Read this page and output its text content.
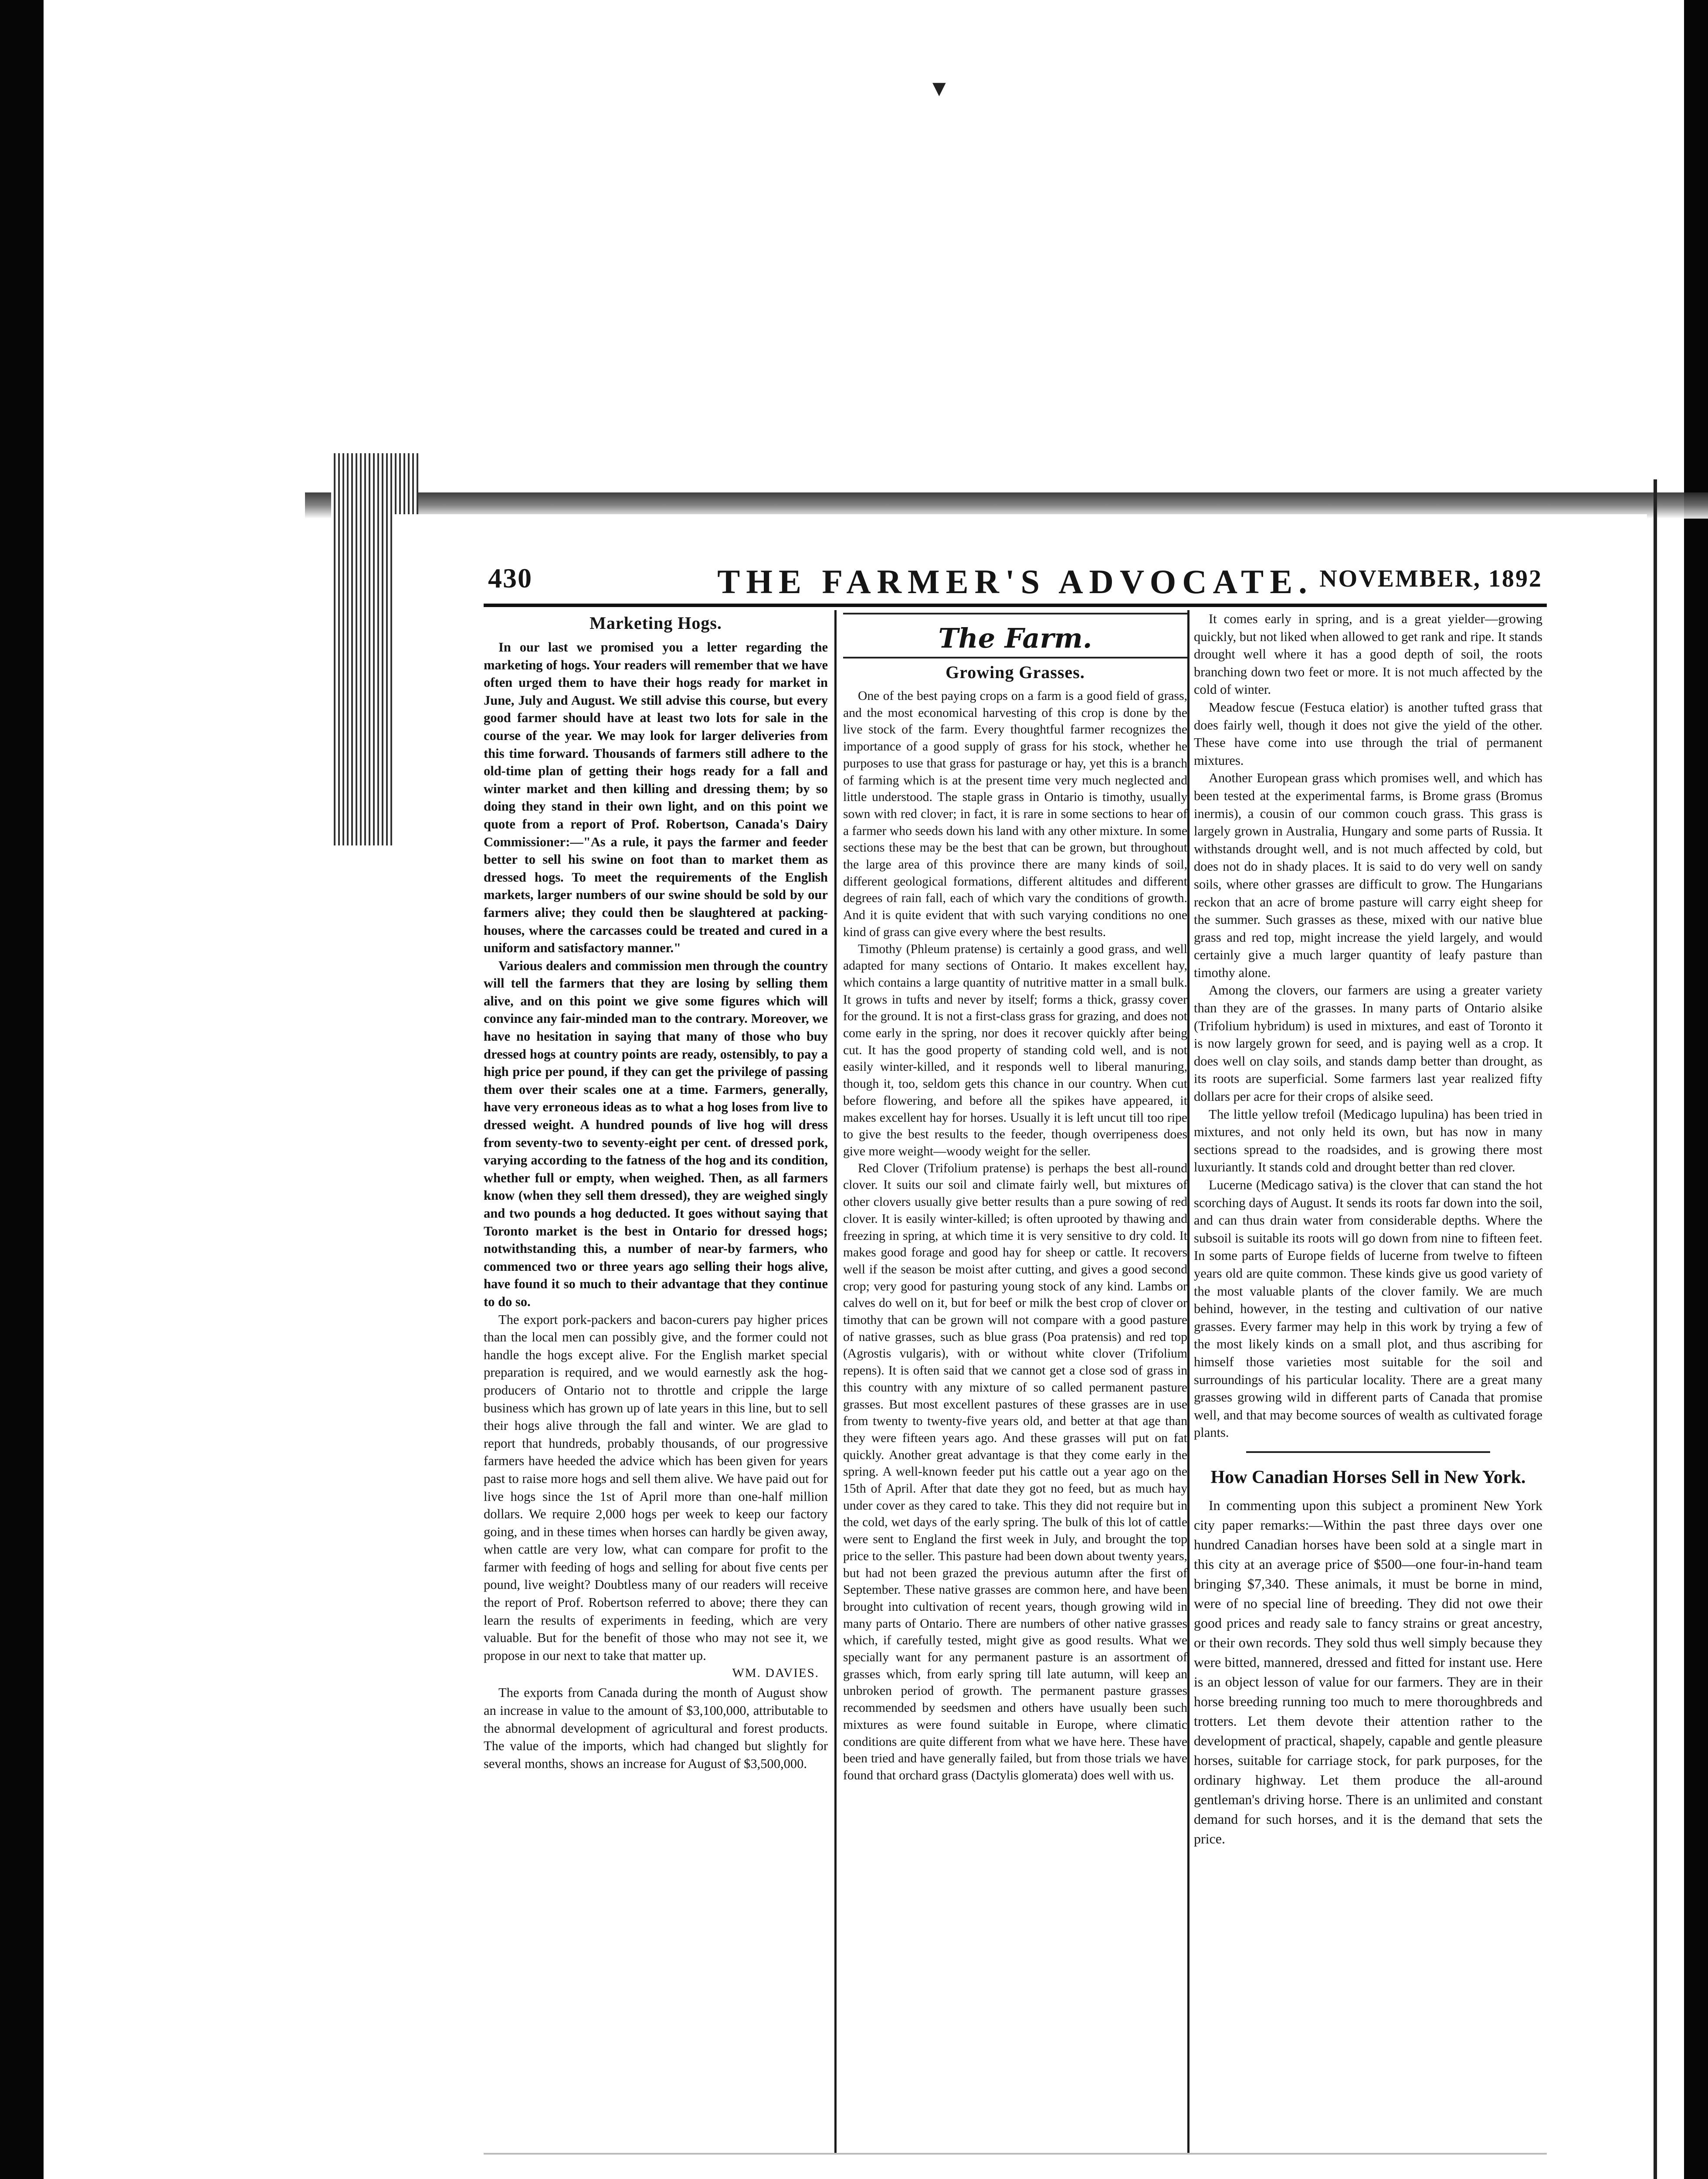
▼
430	THE FARMER'S ADVOCATE. NOVEMBER, 1892
Marketing Hogs.

In our last we promised you a letter regarding the marketing of hogs. Your readers will remember that we have often urged them to have their hogs ready for market in June, July and August. We still advise this course, but every good farmer should have at least two lots for sale in the course of the year. We may look for larger deliveries from this time forward. Thousands of farmers still adhere to the old-time plan of getting their hogs ready for a fall and winter market and then killing and dressing them; by so doing they stand in their own light, and on this point we quote from a report of Prof. Robertson, Canada's Dairy Commissioner:—"As a rule, it pays the farmer and feeder better to sell his swine on foot than to market them as dressed hogs. To meet the requirements of the English markets, larger numbers of our swine should be sold by our farmers alive; they could then be slaughtered at packing-houses, where the carcasses could be treated and cured in a uniform and satisfactory manner."

Various dealers and commission men through the country will tell the farmers that they are losing by selling them alive, and on this point we give some figures which will convince any fair-minded man to the contrary. Moreover, we have no hesitation in saying that many of those who buy dressed hogs at country points are ready, ostensibly, to pay a high price per pound, if they can get the privilege of passing them over their scales one at a time. Farmers, generally, have very erroneous ideas as to what a hog loses from live to dressed weight. A hundred pounds of live hog will dress from seventy-two to seventy-eight per cent. of dressed pork, varying according to the fatness of the hog and its condition, whether full or empty, when weighed. Then, as all farmers know (when they sell them dressed), they are weighed singly and two pounds a hog deducted. It goes without saying that Toronto market is the best in Ontario for dressed hogs; notwithstanding this, a number of near-by farmers, who commenced two or three years ago selling their hogs alive, have found it so much to their advantage that they continue to do so.

The export pork-packers and bacon-curers pay higher prices than the local men can possibly give, and the former could not handle the hogs except alive. For the English market special preparation is required, and we would earnestly ask the hog-producers of Ontario not to throttle and cripple the large business which has grown up of late years in this line, but to sell their hogs alive through the fall and winter. We are glad to report that hundreds, probably thousands, of our progressive farmers have heeded the advice which has been given for years past to raise more hogs and sell them alive. We have paid out for live hogs since the 1st of April more than one-half million dollars. We require 2,000 hogs per week to keep our factory going, and in these times when horses can hardly be given away, when cattle are very low, what can compare for profit to the farmer with feeding of hogs and selling for about five cents per pound, live weight? Doubtless many of our readers will receive the report of Prof. Robertson referred to above; there they can learn the results of experiments in feeding, which are very valuable. But for the benefit of those who may not see it, we propose in our next to take that matter up.

WM. DAVIES.

The exports from Canada during the month of August show an increase in value to the amount of $3,100,000, attributable to the abnormal development of agricultural and forest products. The value of the imports, which had changed but slightly for several months, shows an increase for August of $3,500,000.

The Farm.
Growing Grasses.

One of the best paying crops on a farm is a good field of grass, and the most economical harvesting of this crop is done by the live stock of the farm. Every thoughtful farmer recognizes the importance of a good supply of grass for his stock, whether he purposes to use that grass for pasturage or hay, yet this is a branch of farming which is at the present time very much neglected and little understood. The staple grass in Ontario is timothy, usually sown with red clover; in fact, it is rare in some sections to hear of a farmer who seeds down his land with any other mixture. In some sections these may be the best that can be grown, but throughout the large area of this province there are many kinds of soil, different geological formations, different altitudes and different degrees of rain fall, each of which vary the conditions of growth. And it is quite evident that with such varying conditions no one kind of grass can give every where the best results.

Timothy (Phleum pratense) is certainly a good grass, and well adapted for many sections of Ontario. It makes excellent hay, which contains a large quantity of nutritive matter in a small bulk. It grows in tufts and never by itself; forms a thick, grassy cover for the ground. It is not a first-class grass for grazing, and does not come early in the spring, nor does it recover quickly after being cut. It has the good property of standing cold well, and is not easily winter-killed, and it responds well to liberal manuring, though it, too, seldom gets this chance in our country. When cut before flowering, and before all the spikes have appeared, it makes excellent hay for horses. Usually it is left uncut till too ripe to give the best results to the feeder, though overripeness does give more weight—woody weight for the seller.

Red Clover (Trifolium pratense) is perhaps the best all-round clover. It suits our soil and climate fairly well, but mixtures of other clovers usually give better results than a pure sowing of red clover. It is easily winter-killed; is often uprooted by thawing and freezing in spring, at which time it is very sensitive to dry cold. It makes good forage and good hay for sheep or cattle. It recovers well if the season be moist after cutting, and gives a good second crop; very good for pasturing young stock of any kind. Lambs or calves do well on it, but for beef or milk the best crop of clover or timothy that can be grown will not compare with a good pasture of native grasses, such as blue grass (Poa pratensis) and red top (Agrostis vulgaris), with or without white clover (Trifolium repens). It is often said that we cannot get a close sod of grass in this country with any mixture of so called permanent pasture grasses. But most excellent pastures of these grasses are in use from twenty to twenty-five years old, and better at that age than they were fifteen years ago. And these grasses will put on fat quickly. Another great advantage is that they come early in the spring. A well-known feeder put his cattle out a year ago on the 15th of April. After that date they got no feed, but as much hay under cover as they cared to take. This they did not require but in the cold, wet days of the early spring. The bulk of this lot of cattle were sent to England the first week in July, and brought the top price to the seller. This pasture had been down about twenty years, but had not been grazed the previous autumn after the first of September. These native grasses are common here, and have been brought into cultivation of recent years, though growing wild in many parts of Ontario. There are numbers of other native grasses which, if carefully tested, might give as good results. What we specially want for any permanent pasture is an assortment of grasses which, from early spring till late autumn, will keep an unbroken period of growth. The permanent pasture grasses recommended by seedsmen and others have usually been such mixtures as were found suitable in Europe, where climatic conditions are quite different from what we have here. These have been tried and have generally failed, but from those trials we have found that orchard grass (Dactylis glomerata) does well with us.

It comes early in spring, and is a great yielder—growing quickly, but not liked when allowed to get rank and ripe. It stands drought well where it has a good depth of soil, the roots branching down two feet or more. It is not much affected by the cold of winter.

Meadow fescue (Festuca elatior) is another tufted grass that does fairly well, though it does not give the yield of the other. These have come into use through the trial of permanent mixtures.

Another European grass which promises well, and which has been tested at the experimental farms, is Brome grass (Bromus inermis), a cousin of our common couch grass. This grass is largely grown in Australia, Hungary and some parts of Russia. It withstands drought well, and is not much affected by cold, but does not do in shady places. It is said to do very well on sandy soils, where other grasses are difficult to grow. The Hungarians reckon that an acre of brome pasture will carry eight sheep for the summer. Such grasses as these, mixed with our native blue grass and red top, might increase the yield largely, and would certainly give a much larger quantity of leafy pasture than timothy alone.

Among the clovers, our farmers are using a greater variety than they are of the grasses. In many parts of Ontario alsike (Trifolium hybridum) is used in mixtures, and east of Toronto it is now largely grown for seed, and is paying well as a crop. It does well on clay soils, and stands damp better than drought, as its roots are superficial. Some farmers last year realized fifty dollars per acre for their crops of alsike seed.

The little yellow trefoil (Medicago lupulina) has been tried in mixtures, and not only held its own, but has now in many sections spread to the roadsides, and is growing there most luxuriantly. It stands cold and drought better than red clover.

Lucerne (Medicago sativa) is the clover that can stand the hot scorching days of August. It sends its roots far down into the soil, and can thus drain water from considerable depths. Where the subsoil is suitable its roots will go down from nine to fifteen feet. In some parts of Europe fields of lucerne from twelve to fifteen years old are quite common. These kinds give us good variety of the most valuable plants of the clover family. We are much behind, however, in the testing and cultivation of our native grasses. Every farmer may help in this work by trying a few of the most likely kinds on a small plot, and thus ascribing for himself those varieties most suitable for the soil and surroundings of his particular locality. There are a great many grasses growing wild in different parts of Canada that promise well, and that may become sources of wealth as cultivated forage plants.

How Canadian Horses Sell in New York.

In commenting upon this subject a prominent New York city paper remarks:—Within the past three days over one hundred Canadian horses have been sold at a single mart in this city at an average price of $500—one four-in-hand team bringing $7,340. These animals, it must be borne in mind, were of no special line of breeding. They did not owe their good prices and ready sale to fancy strains or great ancestry, or their own records. They sold thus well simply because they were bitted, mannered, dressed and fitted for instant use. Here is an object lesson of value for our farmers. They are in their horse breeding running too much to mere thoroughbreds and trotters. Let them devote their attention rather to the development of practical, shapely, capable and gentle pleasure horses, suitable for carriage stock, for park purposes, for the ordinary highway. Let them produce the all-around gentleman's driving horse. There is an unlimited and constant demand for such horses, and it is the demand that sets the price.
